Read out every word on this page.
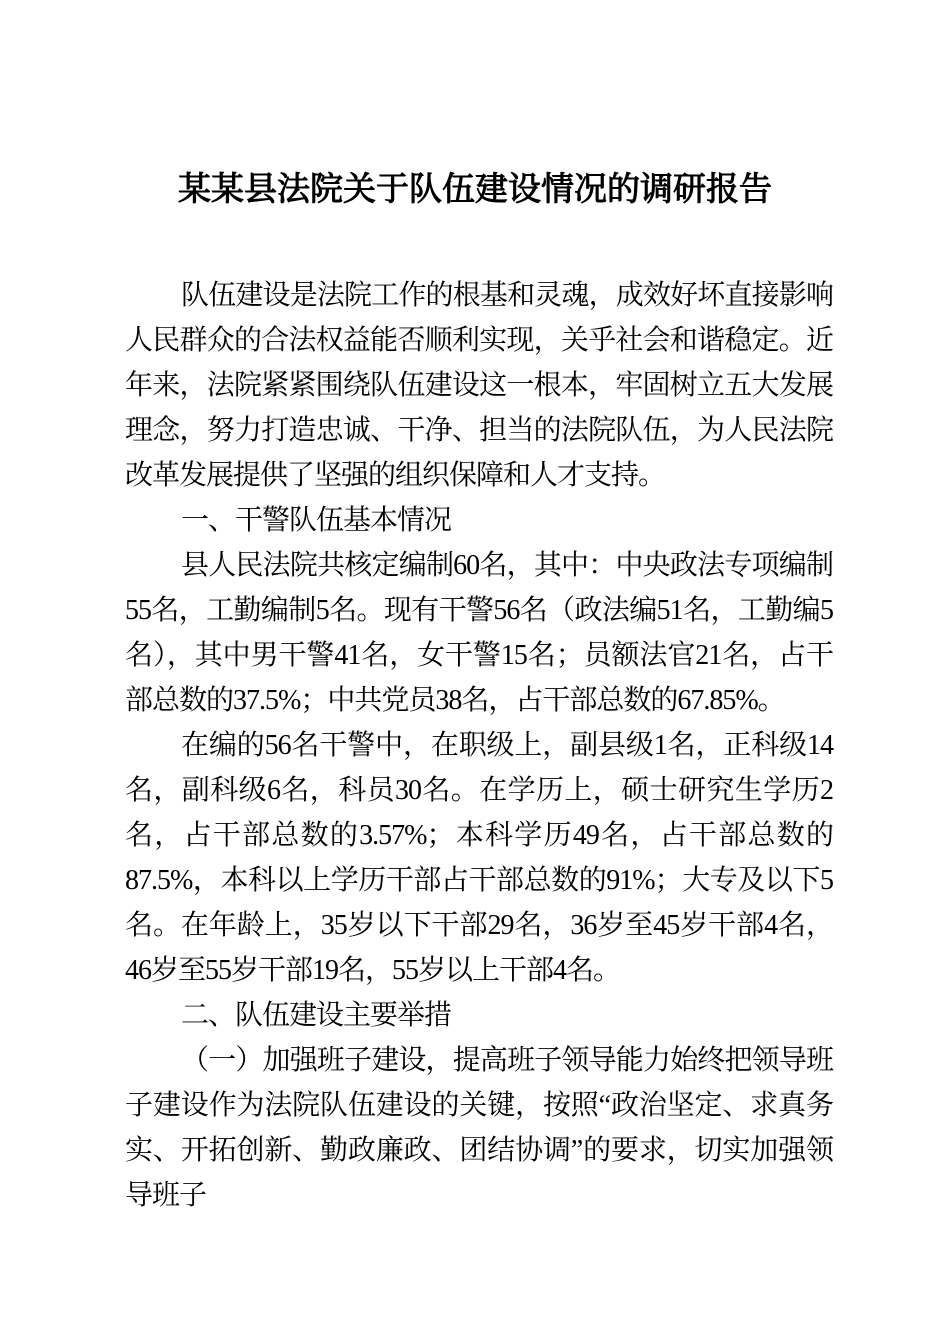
某某县法院关于队伍建设情况的调研报告

队伍建设是法院工作的根基和灵魂，成效好坏直接影响人民群众的合法权益能否顺利实现，关乎社会和谐稳定。近年来，法院紧紧围绕队伍建设这一根本，牢固树立五大发展理念，努力打造忠诚、干净、担当的法院队伍，为人民法院改革发展提供了坚强的组织保障和人才支持。

一、干警队伍基本情况

县人民法院共核定编制60名，其中：中央政法专项编制55名，工勤编制5名。现有干警56名（政法编51名，工勤编5名），其中男干警41名，女干警15名；员额法官21名，占干部总数的37.5%；中共党员38名，占干部总数的67.85%。

在编的56名干警中，在职级上，副县级1名，正科级14名，副科级6名，科员30名。在学历上，硕士研究生学历2名，占干部总数的3.57%；本科学历49名，占干部总数的87.5%，本科以上学历干部占干部总数的91%；大专及以下5名。在年龄上，35岁以下干部29名，36岁至45岁干部4名，46岁至55岁干部19名，55岁以上干部4名。

二、队伍建设主要举措

（一）加强班子建设，提高班子领导能力始终把领导班子建设作为法院队伍建设的关键，按照“政治坚定、求真务实、开拓创新、勤政廉政、团结协调”的要求，切实加强领导班子
